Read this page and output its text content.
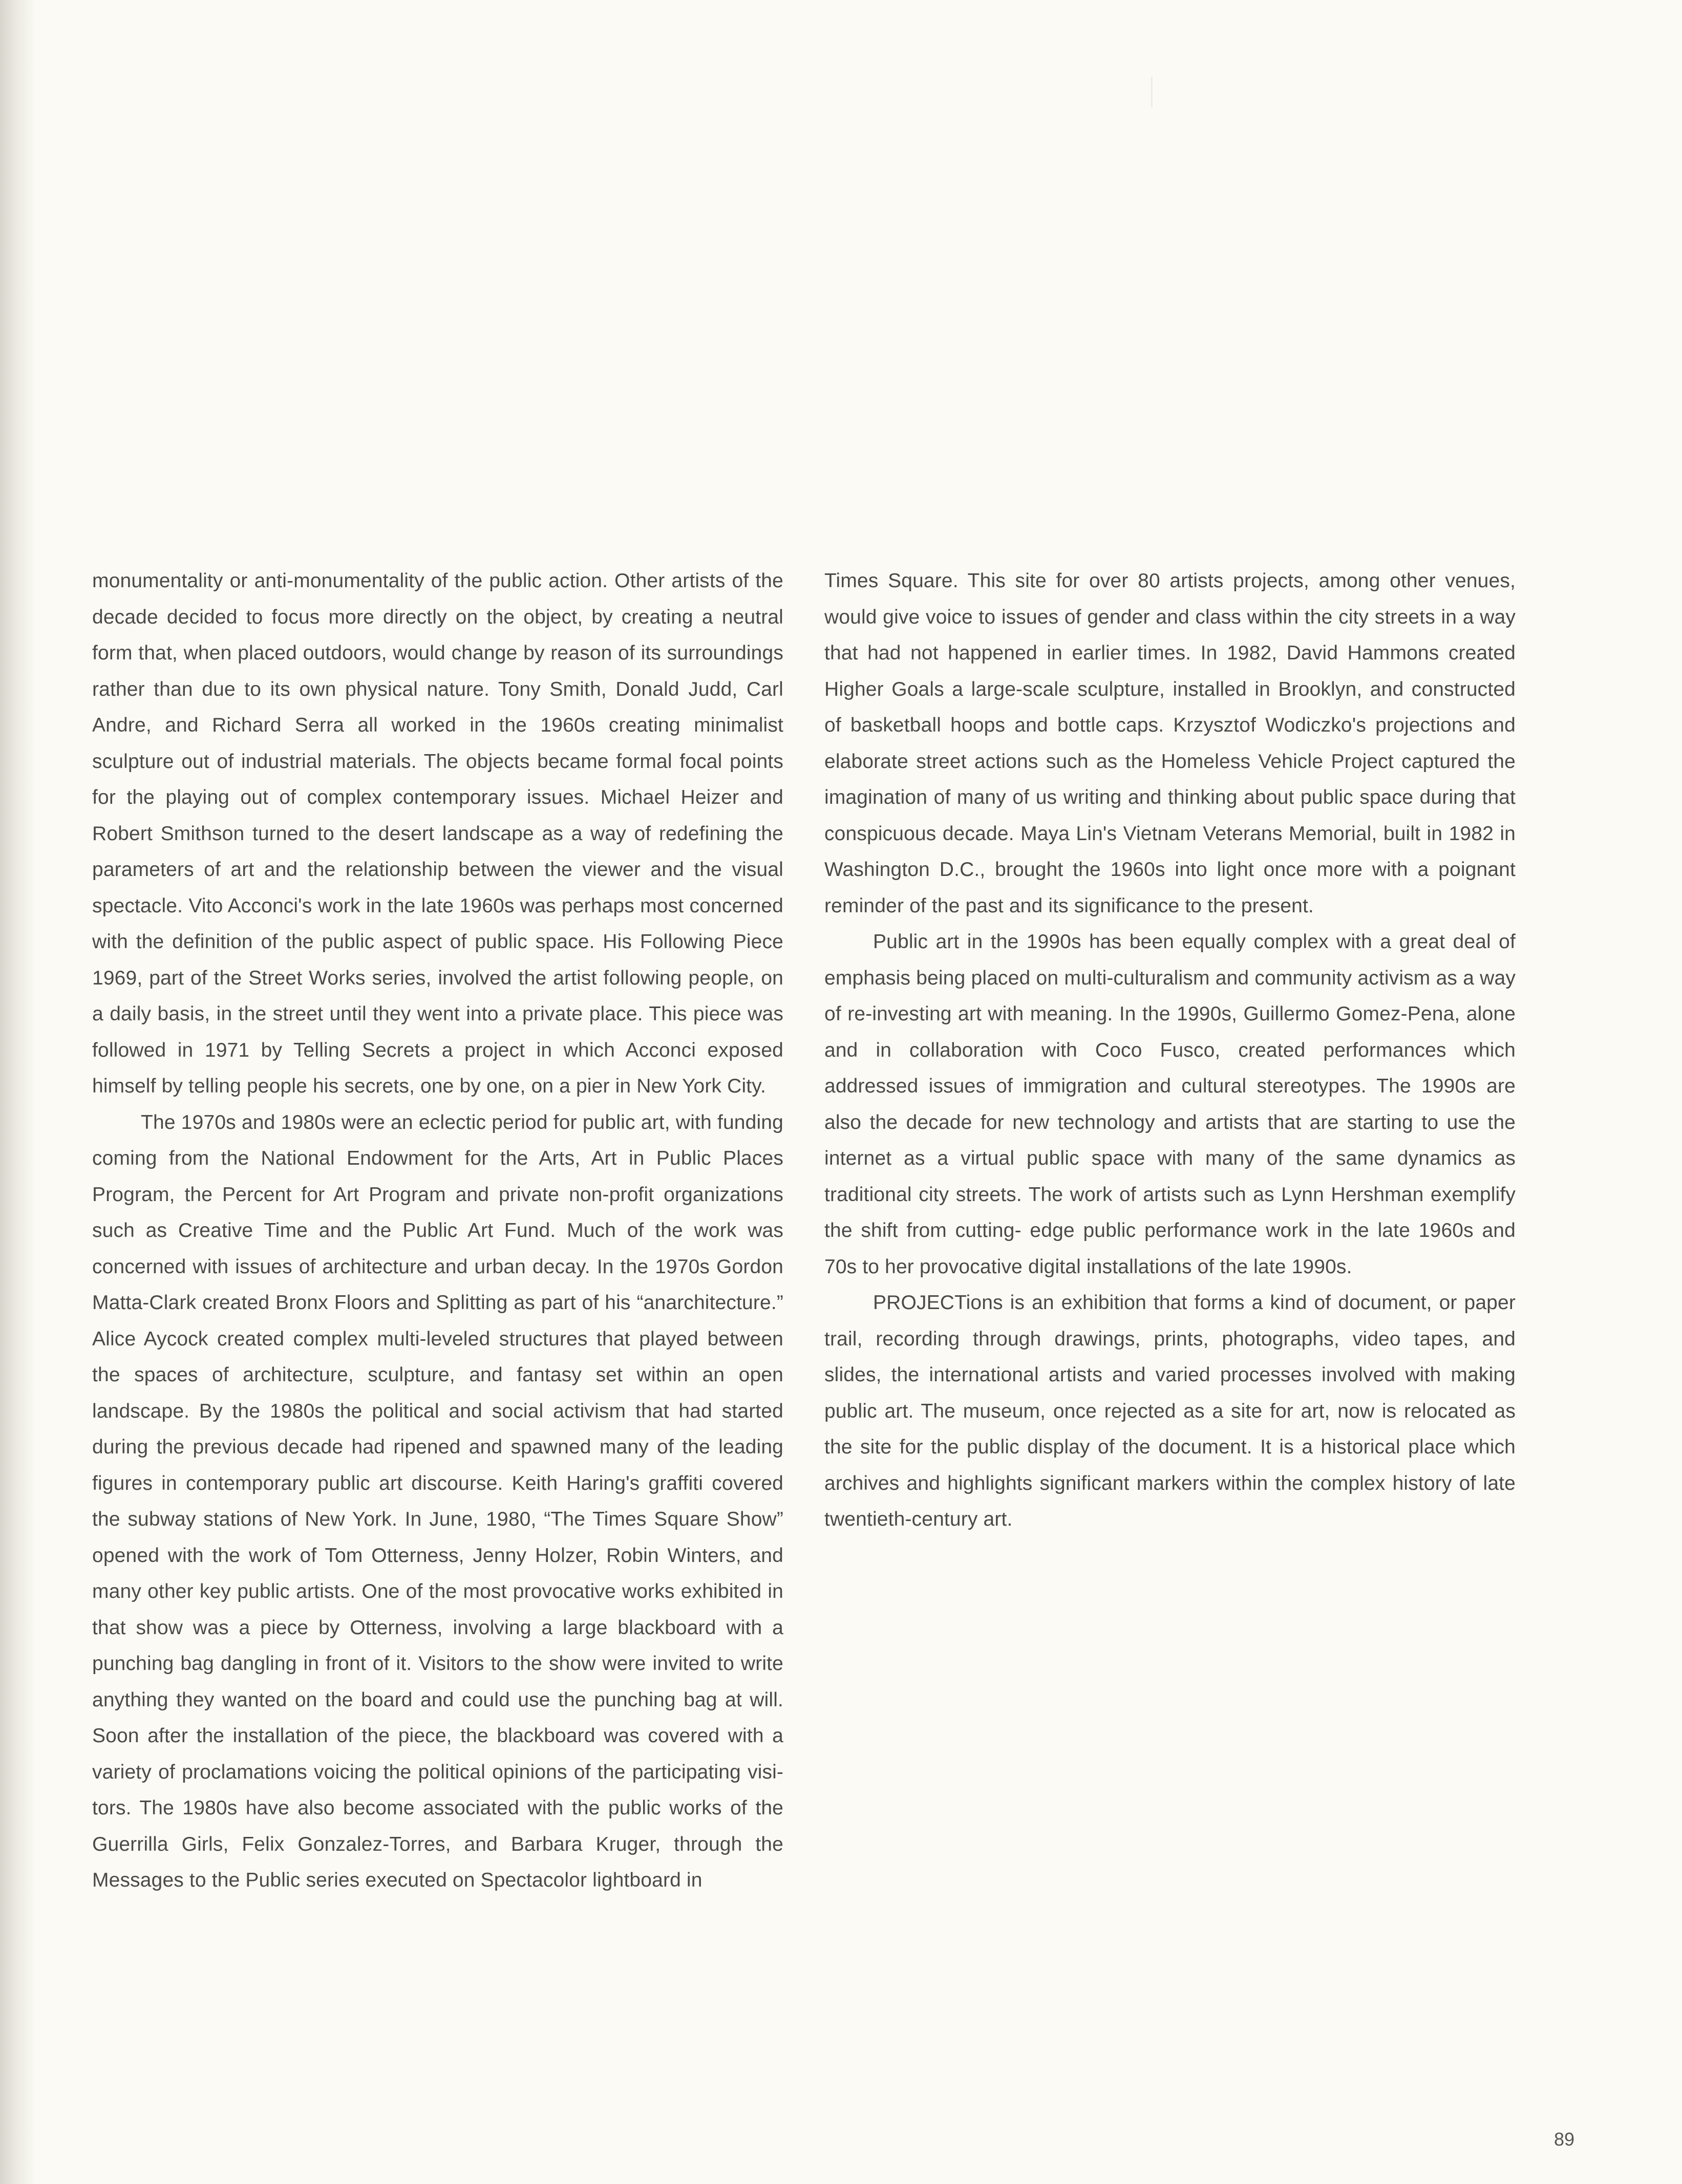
monumentality or anti-monumentality of the public action. Other artists of the decade decided to focus more directly on the object, by creating a neutral form that, when placed outdoors, would change by reason of its surroundings rather than due to its own physical nature. Tony Smith, Donald Judd, Carl Andre, and Richard Serra all worked in the 1960s creating minimalist sculpture out of industrial materials. The objects became formal focal points for the playing out of complex contemporary issues. Michael Heizer and Robert Smithson turned to the desert landscape as a way of redefining the parameters of art and the relationship between the viewer and the visual spectacle. Vito Acconci's work in the late 1960s was perhaps most concerned with the definition of the public aspect of public space. His Following Piece 1969, part of the Street Works series, involved the artist following people, on a daily basis, in the street until they went into a private place. This piece was followed in 1971 by Telling Secrets a project in which Acconci exposed himself by telling people his secrets, one by one, on a pier in New York City.

The 1970s and 1980s were an eclectic period for public art, with funding coming from the National Endowment for the Arts, Art in Public Places Program, the Percent for Art Program and private non-profit organizations such as Creative Time and the Public Art Fund. Much of the work was concerned with issues of architecture and urban decay. In the 1970s Gordon Matta-Clark created Bronx Floors and Splitting as part of his “anarchitecture.” Alice Aycock created complex multi-leveled structures that played between the spaces of architecture, sculpture, and fantasy set within an open landscape. By the 1980s the political and social activism that had started during the previous decade had ripened and spawned many of the leading figures in contemporary public art discourse. Keith Haring's graffiti covered the subway stations of New York. In June, 1980, “The Times Square Show” opened with the work of Tom Otterness, Jenny Holzer, Robin Winters, and many other key public artists. One of the most provocative works exhibited in that show was a piece by Otterness, involving a large blackboard with a punching bag dangling in front of it. Visitors to the show were invited to write anything they wanted on the board and could use the punching bag at will. Soon after the installation of the piece, the blackboard was covered with a variety of proclamations voicing the political opinions of the participating visitors. The 1980s have also become associated with the public works of the Guerrilla Girls, Felix Gonzalez-Torres, and Barbara Kruger, through the Messages to the Public series executed on Spectacolor lightboard in

Times Square. This site for over 80 artists projects, among other venues, would give voice to issues of gender and class within the city streets in a way that had not happened in earlier times. In 1982, David Hammons created Higher Goals a large-scale sculpture, installed in Brooklyn, and constructed of basketball hoops and bottle caps. Krzysztof Wodiczko's projections and elaborate street actions such as the Homeless Vehicle Project captured the imagination of many of us writing and thinking about public space during that conspicuous decade. Maya Lin's Vietnam Veterans Memorial, built in 1982 in Washington D.C., brought the 1960s into light once more with a poignant reminder of the past and its significance to the present.

Public art in the 1990s has been equally complex with a great deal of emphasis being placed on multi-culturalism and community activism as a way of re-investing art with meaning. In the 1990s, Guillermo Gomez-Pena, alone and in collaboration with Coco Fusco, created performances which addressed issues of immigration and cultural stereotypes. The 1990s are also the decade for new technology and artists that are starting to use the internet as a virtual public space with many of the same dynamics as traditional city streets. The work of artists such as Lynn Hershman exemplify the shift from cutting- edge public performance work in the late 1960s and 70s to her provocative digital installations of the late 1990s.

PROJECTions is an exhibition that forms a kind of document, or paper trail, recording through drawings, prints, photographs, video tapes, and slides, the international artists and varied processes involved with making public art. The museum, once rejected as a site for art, now is relocated as the site for the public display of the document. It is a historical place which archives and highlights significant markers within the complex history of late twentieth-century art.

89
